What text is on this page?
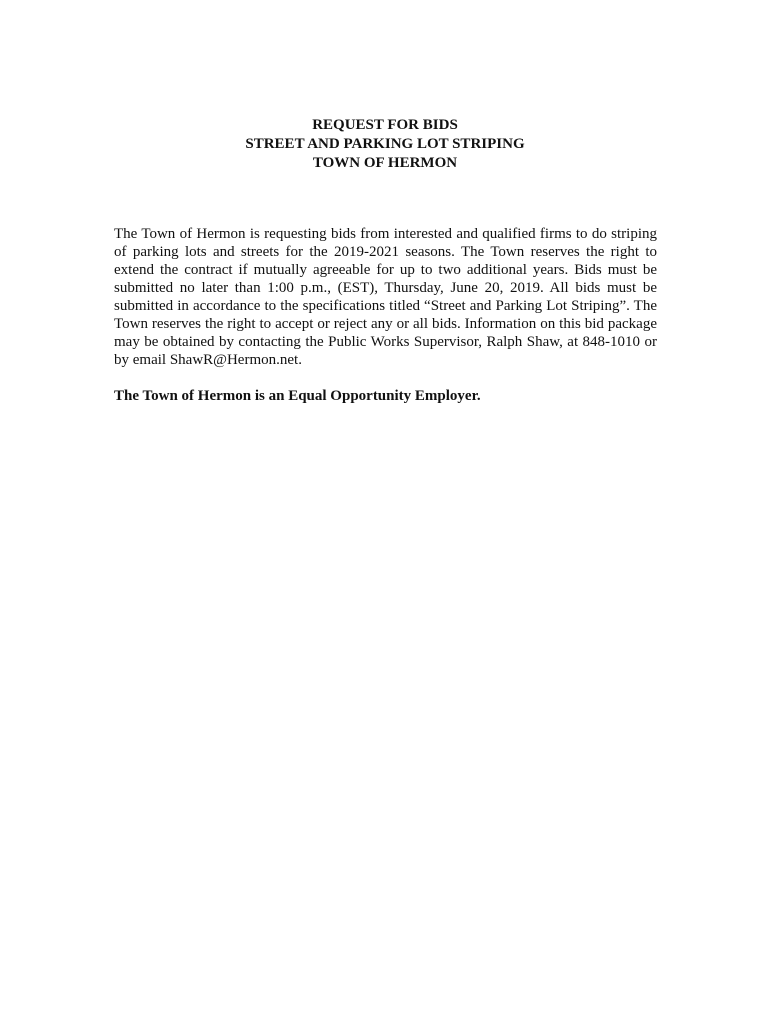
REQUEST FOR BIDS
STREET AND PARKING LOT STRIPING
TOWN OF HERMON

The Town of Hermon is requesting bids from interested and qualified firms to do striping of parking lots and streets for the 2019-2021 seasons. The Town reserves the right to extend the contract if mutually agreeable for up to two additional years. Bids must be submitted no later than 1:00 p.m., (EST), Thursday, June 20, 2019. All bids must be submitted in accordance to the specifications titled “Street and Parking Lot Striping”. The Town reserves the right to accept or reject any or all bids. Information on this bid package may be obtained by contacting the Public Works Supervisor, Ralph Shaw, at 848-1010 or by email ShawR@Hermon.net.

The Town of Hermon is an Equal Opportunity Employer.
